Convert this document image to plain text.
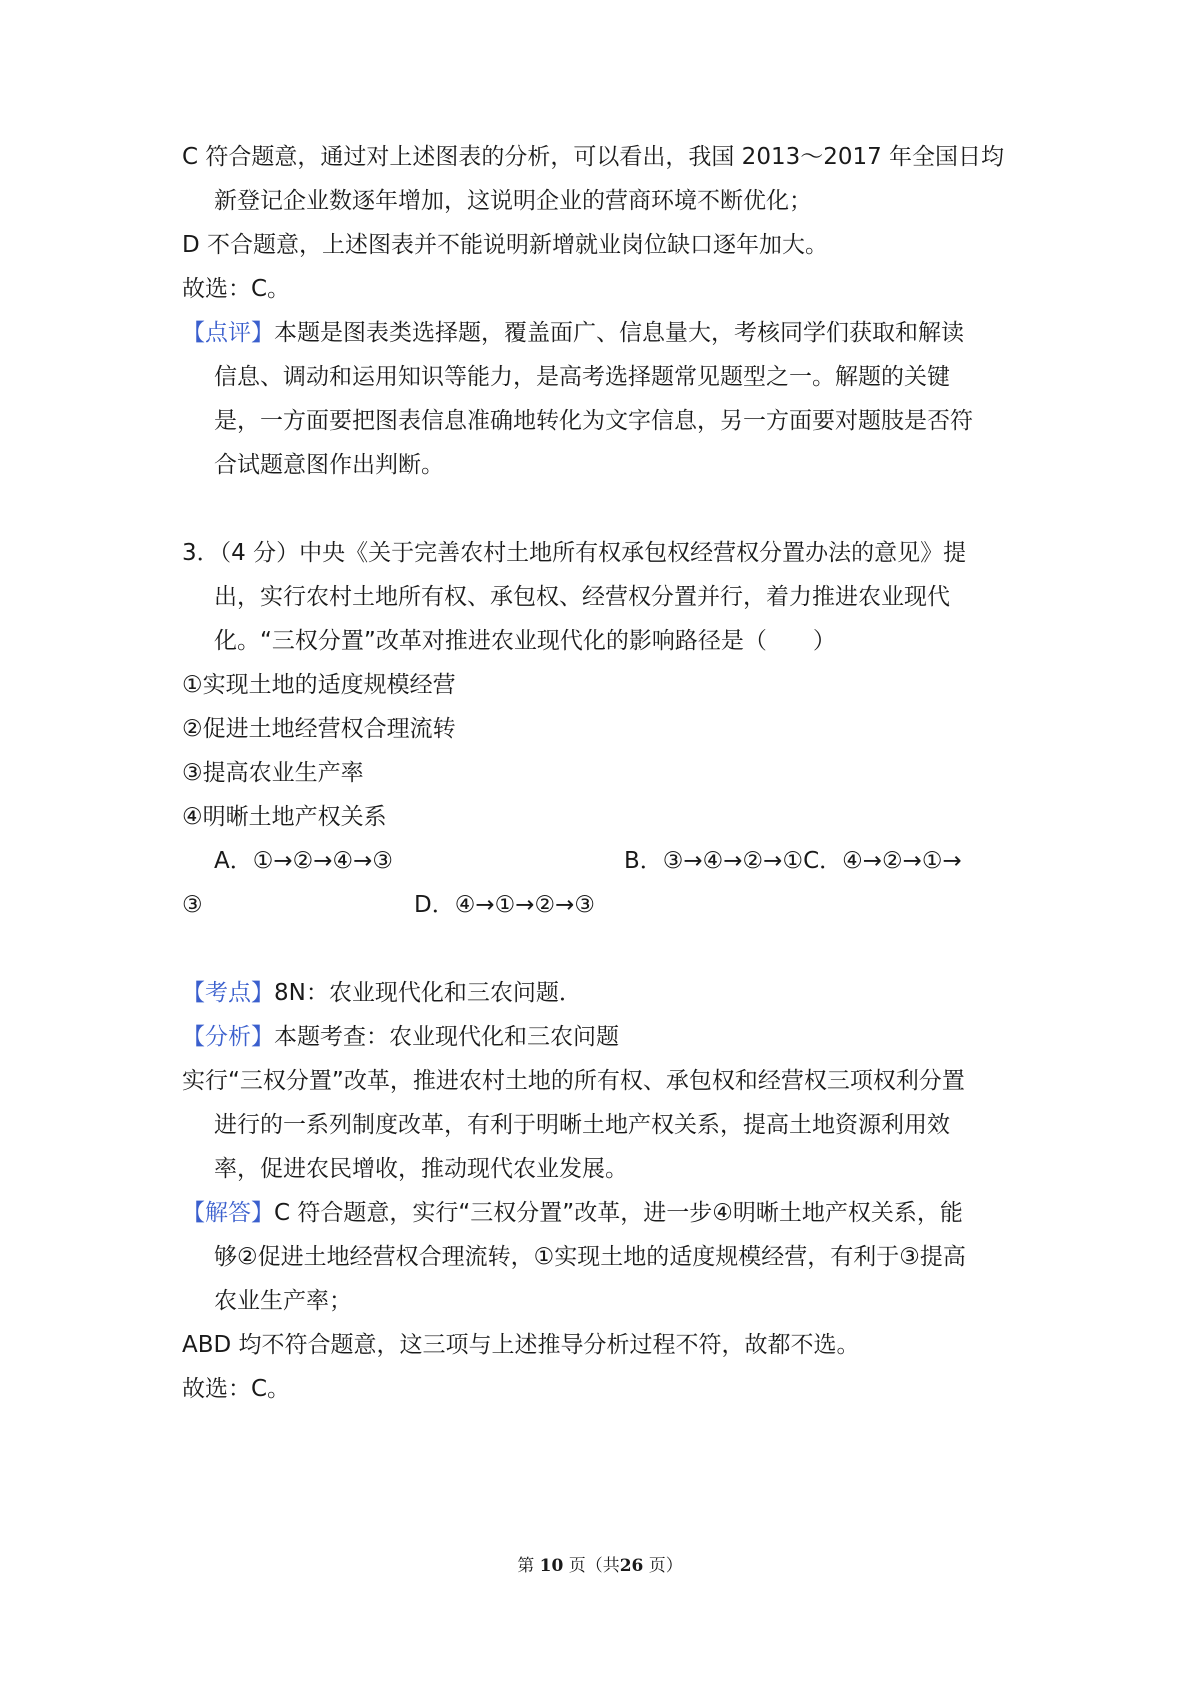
C 符合题意，通过对上述图表的分析，可以看出，我国 2013～2017 年全国日均
新登记企业数逐年增加，这说明企业的营商环境不断优化；
D 不合题意，上述图表并不能说明新增就业岗位缺口逐年加大。
故选：C。
【点评】本题是图表类选择题，覆盖面广、信息量大，考核同学们获取和解读
信息、调动和运用知识等能力，是高考选择题常见题型之一。解题的关键
是，一方面要把图表信息准确地转化为文字信息，另一方面要对题肢是否符
合试题意图作出判断。
3．（4 分）中央《关于完善农村土地所有权承包权经营权分置办法的意见》提
出，实行农村土地所有权、承包权、经营权分置并行，着力推进农业现代
化。“三权分置”改革对推进农业现代化的影响路径是（　　）
①实现土地的适度规模经营
②促进土地经营权合理流转
③提高农业生产率
④明晰土地产权关系
A．①→②→④→③	B．③→④→②→①C．④→②→①→
③	D．④→①→②→③
【考点】8N：农业现代化和三农问题．
【分析】本题考查：农业现代化和三农问题
实行“三权分置”改革，推进农村土地的所有权、承包权和经营权三项权利分置
进行的一系列制度改革，有利于明晰土地产权关系，提高土地资源利用效
率，促进农民增收，推动现代农业发展。
【解答】C 符合题意，实行“三权分置”改革，进一步④明晰土地产权关系，能
够②促进土地经营权合理流转，①实现土地的适度规模经营，有利于③提高
农业生产率；
ABD 均不符合题意，这三项与上述推导分析过程不符，故都不选。
故选：C。
第 10 页（共26 页）
